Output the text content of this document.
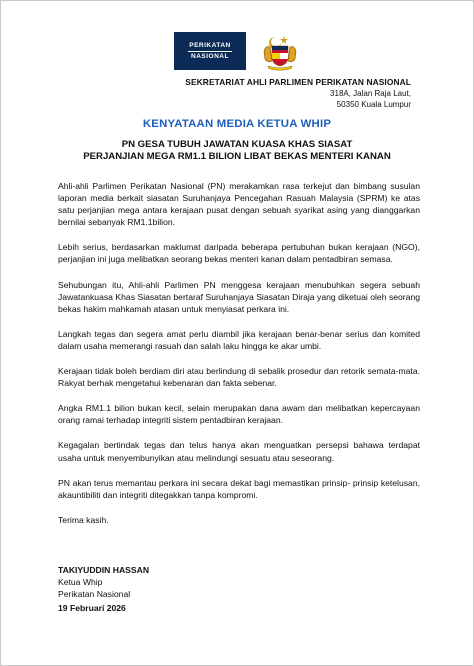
PERIKATAN
NASIONAL
SEKRETARIAT AHLI PARLIMEN PERIKATAN NASIONAL
318A, Jalan Raja Laut,
50350 Kuala Lumpur
KENYATAAN MEDIA KETUA WHIP
PN GESA TUBUH JAWATAN KUASA KHAS SIASAT
PERJANJIAN MEGA RM1.1 BILION LIBAT BEKAS MENTERI KANAN

Ahli-ahli Parlimen Perikatan Nasional (PN) merakamkan rasa terkejut dan bimbang susulan laporan media berkait siasatan Suruhanjaya Pencegahan Rasuah Malaysia (SPRM) ke atas satu perjanjian mega antara kerajaan pusat dengan sebuah syarikat asing yang dianggarkan bernilai sebanyak RM1.1bilion.

Lebih serius, berdasarkan maklumat daripada beberapa pertubuhan bukan kerajaan (NGO), perjanjian ini juga melibatkan seorang bekas menteri kanan dalam pentadbiran semasa.

Sehubungan itu, Ahli-ahli Parlimen PN menggesa kerajaan menubuhkan segera sebuah Jawatankuasa Khas Siasatan bertaraf Suruhanjaya Siasatan Diraja yang diketuai oleh seorang bekas hakim mahkamah atasan untuk menyiasat perkara ini.

Langkah tegas dan segera amat perlu diambil jika kerajaan benar-benar serius dan komited dalam usaha memerangi rasuah dan salah laku hingga ke akar umbi.

Kerajaan tidak boleh berdiam diri atau berlindung di sebalik prosedur dan retorik semata-mata. Rakyat berhak mengetahui kebenaran dan fakta sebenar.

Angka RM1.1 bilion bukan kecil, selain merupakan dana awam dan melibatkan kepercayaan orang ramai terhadap integriti sistem pentadbiran kerajaan.

Kegagalan bertindak tegas dan telus hanya akan menguatkan persepsi bahawa terdapat usaha untuk menyembunyikan atau melindungi sesuatu atau seseorang.

PN akan terus memantau perkara ini secara dekat bagi memastikan prinsip- prinsip ketelusan, akauntibiliti dan integriti ditegakkan tanpa kompromi.

Terima kasih.

TAKIYUDDIN HASSAN
Ketua Whip
Perikatan Nasional
19 Februari 2026
